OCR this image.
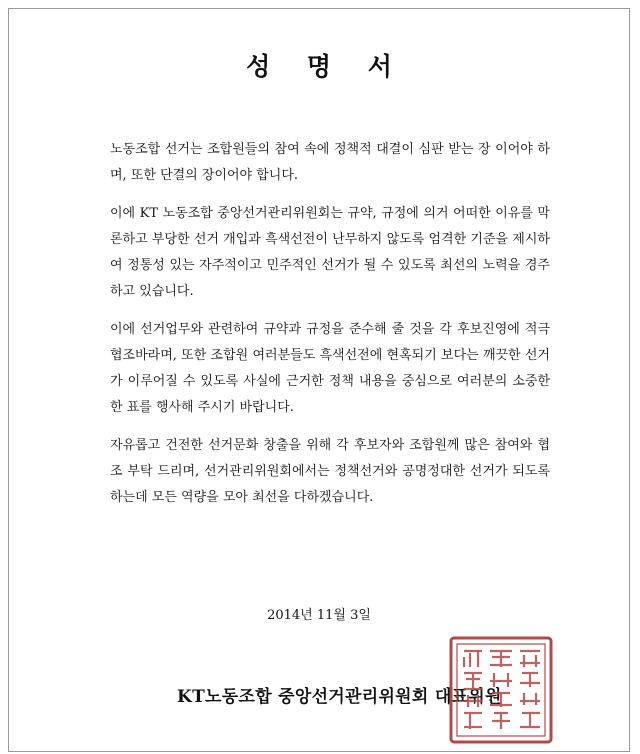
성 명 서

노동조합 선거는 조합원들의 참여 속에 정책적 대결이 심판 받는 장 이어야 하며, 또한 단결의 장이어야 합니다.

이에 KT 노동조합 중앙선거관리위원회는 규약, 규정에 의거 어떠한 이유를 막론하고 부당한 선거 개입과 흑색선전이 난무하지 않도록 엄격한 기준을 제시하여 정통성 있는 자주적이고 민주적인 선거가 될 수 있도록 최선의 노력을 경주하고 있습니다.

이에 선거업무와 관련하여 규약과 규정을 준수해 줄 것을 각 후보진영에 적극 협조바라며, 또한 조합원 여러분들도 흑색선전에 현혹되기 보다는 깨끗한 선거가 이루어질 수 있도록 사실에 근거한 정책 내용을 중심으로 여러분의 소중한 한 표를 행사해 주시기 바랍니다.

자유롭고 건전한 선거문화 창출을 위해 각 후보자와 조합원께 많은 참여와 협조 부탁 드리며, 선거관리위원회에서는 정책선거와 공명정대한 선거가 되도록 하는데 모든 역량을 모아 최선을 다하겠습니다.

2014년 11월 3일
KT노동조합 중앙선거관리위원회 대표위원
